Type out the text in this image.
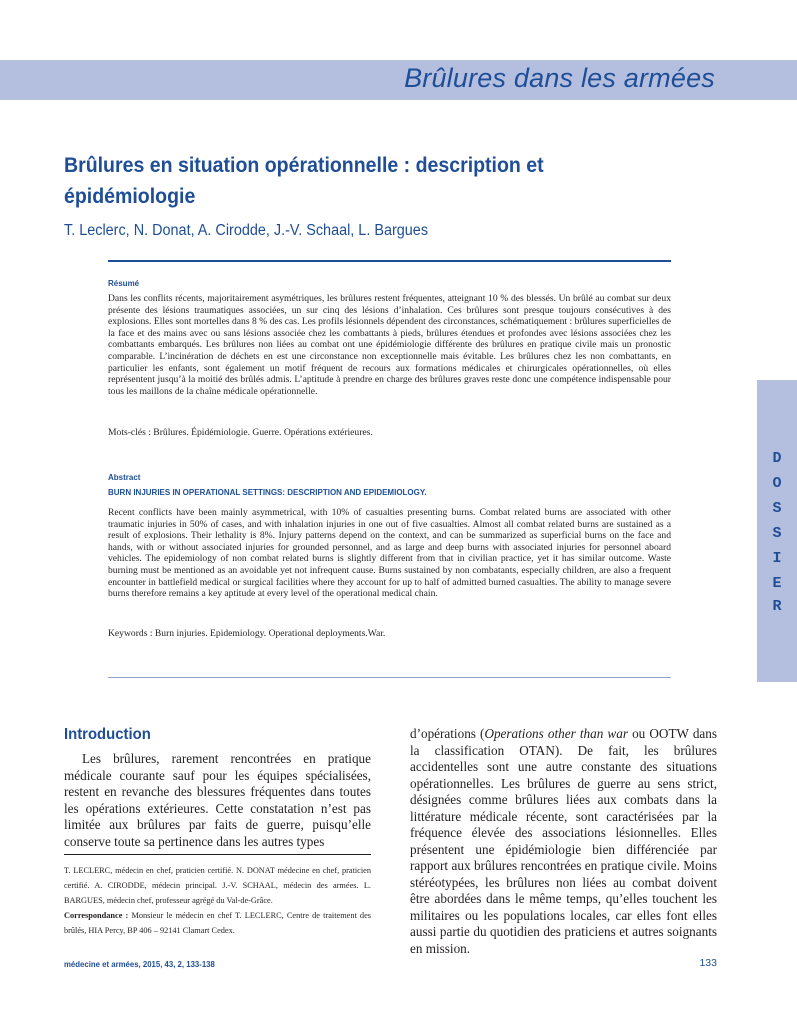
Brûlures dans les armées
Brûlures en situation opérationnelle : description et épidémiologie
T. Leclerc, N. Donat, A. Cirodde, J.-V. Schaal, L. Bargues
Résumé

Dans les conflits récents, majoritairement asymétriques, les brûlures restent fréquentes, atteignant 10 % des blessés. Un brûlé au combat sur deux présente des lésions traumatiques associées, un sur cinq des lésions d’inhalation. Ces brûlures sont presque toujours consécutives à des explosions. Elles sont mortelles dans 8 % des cas. Les profils lésionnels dépendent des circonstances, schématiquement : brûlures superficielles de la face et des mains avec ou sans lésions associée chez les combattants à pieds, brûlures étendues et profondes avec lésions associées chez les combattants embarqués. Les brûlures non liées au combat ont une épidémiologie différente des brûlures en pratique civile mais un pronostic comparable. L’incinération de déchets en est une circonstance non exceptionnelle mais évitable. Les brûlures chez les non combattants, en particulier les enfants, sont également un motif fréquent de recours aux formations médicales et chirurgicales opérationnelles, où elles représentent jusqu’à la moitié des brûlés admis. L’aptitude à prendre en charge des brûlures graves reste donc une compétence indispensable pour tous les maillons de la chaîne médicale opérationnelle.

Mots-clés : Brûlures. Épidémiologie. Guerre. Opérations extérieures.

Abstract
BURN INJURIES IN OPERATIONAL SETTINGS: DESCRIPTION AND EPIDEMIOLOGY.

Recent conflicts have been mainly asymmetrical, with 10% of casualties presenting burns. Combat related burns are associated with other traumatic injuries in 50% of cases, and with inhalation injuries in one out of five casualties. Almost all combat related burns are sustained as a result of explosions. Their lethality is 8%. Injury patterns depend on the context, and can be summarized as superficial burns on the face and hands, with or without associated injuries for grounded personnel, and as large and deep burns with associated injuries for personnel aboard vehicles. The epidemiology of non combat related burns is slightly different from that in civilian practice, yet it has similar outcome. Waste burning must be mentioned as an avoidable yet not infrequent cause. Burns sustained by non combatants, especially children, are also a frequent encounter in battlefield medical or surgical facilities where they account for up to half of admitted burned casualties. The ability to manage severe burns therefore remains a key aptitude at every level of the operational medical chain.

Keywords : Burn injuries. Epidemiology. Operational deployments.War.

D
O
S
S
I
E
R
Introduction

Les brûlures, rarement rencontrées en pratique médicale courante sauf pour les équipes spécialisées, restent en revanche des blessures fréquentes dans toutes les opérations extérieures. Cette constatation n’est pas limitée aux brûlures par faits de guerre, puisqu’elle conserve toute sa pertinence dans les autres types

d’opérations (Operations other than war ou OOTW dans la classification OTAN). De fait, les brûlures accidentelles sont une autre constante des situations opérationnelles. Les brûlures de guerre au sens strict, désignées comme brûlures liées aux combats dans la littérature médicale récente, sont caractérisées par la fréquence élevée des associations lésionnelles. Elles présentent une épidémiologie bien différenciée par rapport aux brûlures rencontrées en pratique civile. Moins stéréotypées, les brûlures non liées au combat doivent être abordées dans le même temps, qu’elles touchent les militaires ou les populations locales, car elles font elles aussi partie du quotidien des praticiens et autres soignants en mission.

T. LECLERC, médecin en chef, praticien certifié. N. DONAT médecine en chef, praticien certifié. A. CIRODDE, médecin principal. J.-V. SCHAAL, médecin des armées. L. BARGUES, médecin chef, professeur agrégé du Val-de-Grâce.

Correspondance : Monsieur le médecin en chef T. LECLERC, Centre de traitement des brûlés, HIA Percy, BP 406 – 92141 Clamart Cedex.

médecine et armées, 2015, 43, 2, 133-138	133
